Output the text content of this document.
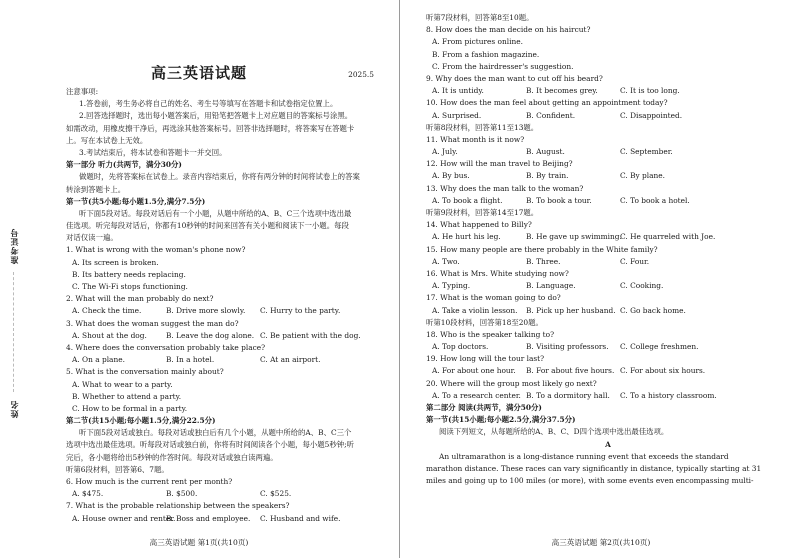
准考证号
姓名
高三英语试题	2025.5
注意事项:
1.答卷前，考生务必将自己的姓名、考生号等填写在答题卡和试卷指定位置上。
2.回答选择题时，选出每小题答案后，用铅笔把答题卡上对应题目的答案标号涂黑。
如需改动，用橡皮擦干净后，再选涂其他答案标号。回答非选择题时，将答案写在答题卡
上。写在本试卷上无效。
3.考试结束后，将本试卷和答题卡一并交回。
第一部分 听力(共两节，满分30分)
做题时，先将答案标在试卷上。录音内容结束后，你将有两分钟的时间将试卷上的答案
转涂到答题卡上。
第一节(共5小题;每小题1.5分,满分7.5分)
听下面5段对话。每段对话后有一个小题，从题中所给的A、B、C三个选项中选出最
佳选项。听完每段对话后，你都有10秒钟的时间来回答有关小题和阅读下一小题。每段
对话仅读一遍。
1. What is wrong with the woman's phone now?
A. Its screen is broken.
B. Its battery needs replacing.
C. The Wi-Fi stops functioning.
2. What will the man probably do next?
A. Check the time.	B. Drive more slowly.	C. Hurry to the party.
3. What does the woman suggest the man do?
A. Shout at the dog.	B. Leave the dog alone. C. Be patient with the dog.
4. Where does the conversation probably take place?
A. On a plane.	B. In a hotel.	C. At an airport.
5. What is the conversation mainly about?
A. What to wear to a party.
B. Whether to attend a party.
C. How to be formal in a party.
第二节(共15小题;每小题1.5分,满分22.5分)
听下面5段对话或独白。每段对话或独白后有几个小题，从题中所给的A、B、C三个
选项中选出最佳选项。听每段对话或独白前，你将有时间阅读各个小题，每小题5秒钟;听
完后，各小题将给出5秒钟的作答时间。每段对话或独白读两遍。
听第6段材料，回答第6、7题。
6. How much is the current rent per month?
A. $475.	B. $500.	C. $525.
7. What is the probable relationship between the speakers?
A. House owner and renter.
B. Boss and employee.	C. Husband and wife.
高三英语试题 第1页(共10页)
听第7段材料，回答第8至10题。
8. How does the man decide on his haircut?
A. From pictures online.
B. From a fashion magazine.
C. From the hairdresser's suggestion.
9. Why does the man want to cut off his beard?
A. It is untidy.	B. It becomes grey.	C. It is too long.
10. How does the man feel about getting an appointment today?
A. Surprised.	B. Confident.	C. Disappointed.
听第8段材料，回答第11至13题。
11. What month is it now?
A. July.	B. August.	C. September.
12. How will the man travel to Beijing?
A. By bus.	B. By train.	C. By plane.
13. Why does the man talk to the woman?
A. To book a flight.	B. To book a tour.	C. To book a hotel.
听第9段材料，回答第14至17题。
14. What happened to Billy?
A. He hurt his leg.	B. He gave up swimming.
C. He quarreled with Joe.
15. How many people are there probably in the White family?
A. Two.	B. Three.	C. Four.
16. What is Mrs. White studying now?
A. Typing.	B. Language.	C. Cooking.
17. What is the woman going to do?
A. Take a violin lesson.	B. Pick up her husband. C. Go back home.
听第10段材料，回答第18至20题。
18. Who is the speaker talking to?
A. Top doctors.	B. Visiting professors.	C. College freshmen.
19. How long will the tour last?
A. For about one hour.	B. For about five hours. C. For about six hours.
20. Where will the group most likely go next?
A. To a research center. B. To a dormitory hall.	C. To a history classroom.
第二部分 阅读(共两节，满分50分)
第一节(共15小题;每小题2.5分,满分37.5分)
阅读下列短文，从每题所给的A、B、C、D四个选项中选出最佳选项。
A
An ultramarathon is a long-distance running event that exceeds the standard
marathon distance. These races can vary significantly in distance, typically starting at 31
miles and going up to 100 miles (or more), with some events even encompassing multi-
高三英语试题 第2页(共10页)
